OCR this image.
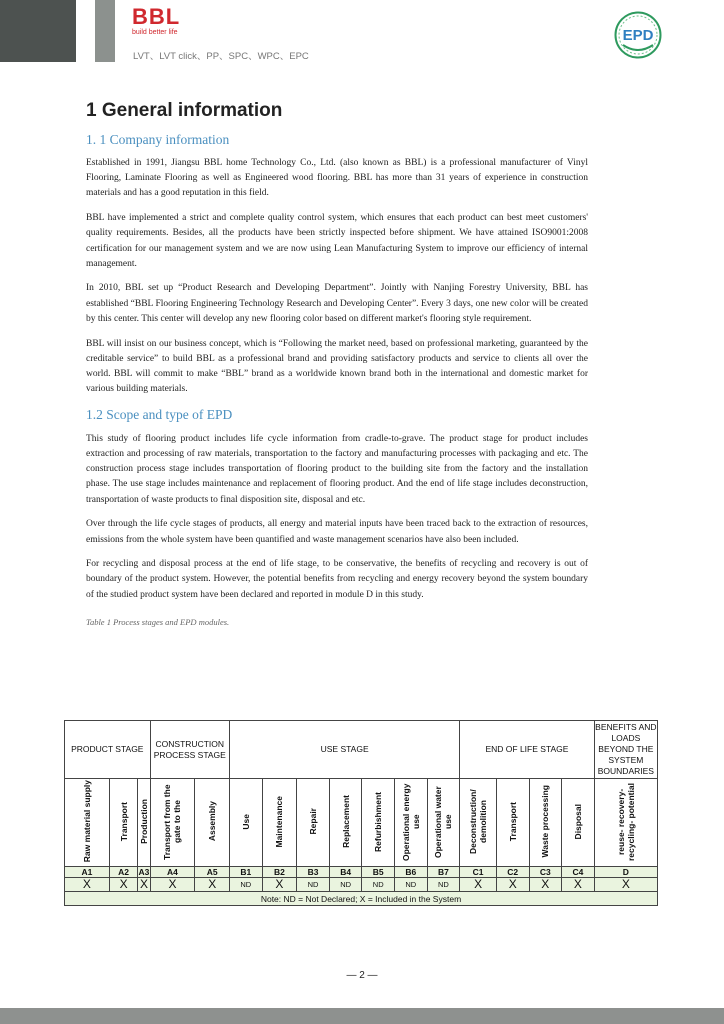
BBL
build better life
LVT、LVT click、PP、SPC、WPC、EPC
EPD
1 General information
1. 1 Company information

Established in 1991, Jiangsu BBL home Technology Co., Ltd. (also known as BBL) is a professional manufacturer of Vinyl Flooring, Laminate Flooring as well as Engineered wood flooring. BBL has more than 31 years of experience in construction materials and has a good reputation in this field.

BBL have implemented a strict and complete quality control system, which ensures that each product can best meet customers' quality requirements. Besides, all the products have been strictly inspected before shipment. We have attained ISO9001:2008 certification for our management system and we are now using Lean Manufacturing System to improve our efficiency of internal management.

In 2010, BBL set up “Product Research and Developing Department”. Jointly with Nanjing Forestry University, BBL has established “BBL Flooring Engineering Technology Research and Developing Center”. Every 3 days, one new color will be created by this center. This center will develop any new flooring color based on different market's flooring style requirement.

BBL will insist on our business concept, which is “Following the market need, based on professional marketing, guaranteed by the creditable service” to build BBL as a professional brand and providing satisfactory products and service to clients all over the world. BBL will commit to make “BBL” brand as a worldwide known brand both in the international and domestic market for various building materials.

1.2 Scope and type of EPD

This study of flooring product includes life cycle information from cradle-to-grave. The product stage for product includes extraction and processing of raw materials, transportation to the factory and manufacturing processes with packaging and etc. The construction process stage includes transportation of flooring product to the building site from the factory and the installation phase. The use stage includes maintenance and replacement of flooring product. And the end of life stage includes deconstruction, transportation of waste products to final disposition site, disposal and etc.

Over through the life cycle stages of products, all energy and material inputs have been traced back to the extraction of resources, emissions from the whole system have been quantified and waste management scenarios have also been included.

For recycling and disposal process at the end of life stage, to be conservative, the benefits of recycling and recovery is out of boundary of the product system. However, the potential benefits from recycling and energy recovery beyond the system boundary of the studied product system have been declared and reported in module D in this study.

Table 1 Process stages and EPD modules.
PRODUCT STAGE			CONSTRUCTION PROCESS STAGE		USE STAGE							END OF LIFE STAGE				BENEFITS AND LOADS BEYOND THE SYSTEM BOUNDARIES
Raw material supply	Transport	Production	Transport from the gate to the	Assembly	Use	Maintenance	Repair	Replacement	Refurbishment	Operational energy use	Operational water use	Deconstruction/ demolition	Transport	Waste processing	Disposal	reuse- recovery- recycling- potential
A1	A2	A3	A4	A5	B1	B2	B3	B4	B5	B6	B7	C1	C2	C3	C4	D
X	X	X	X	X	ND	X	ND	ND	ND	ND	ND	X	X	X	X	X
Note: ND = Not Declared; X = Included in the System																
— 2 —
